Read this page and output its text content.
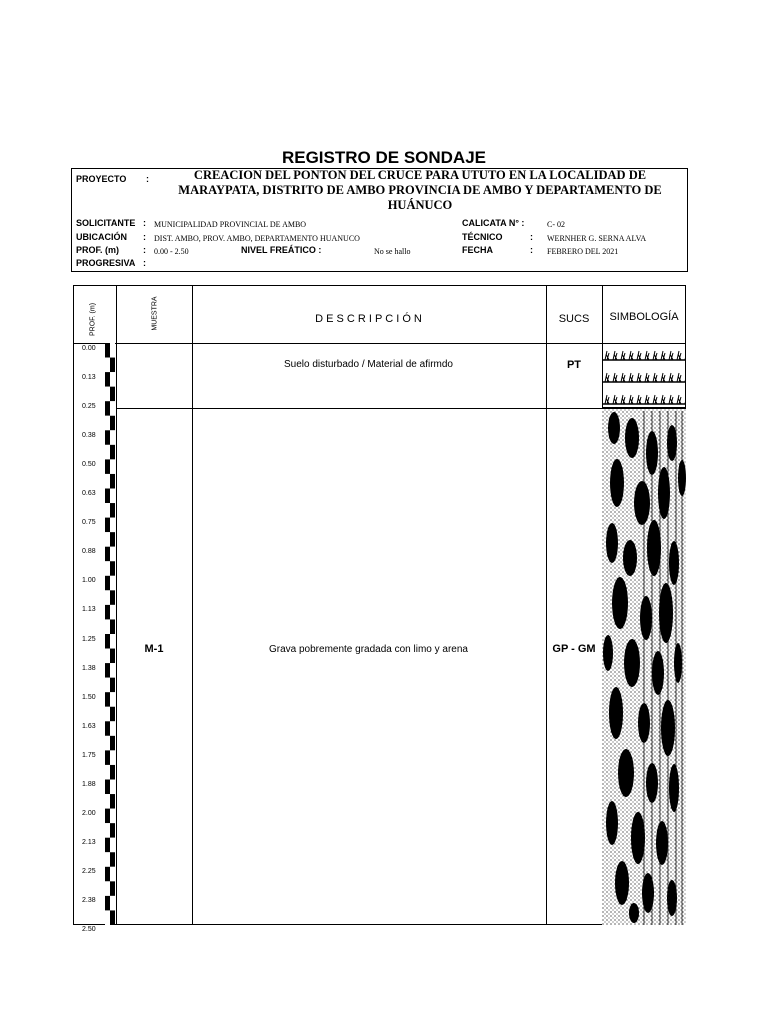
REGISTRO DE SONDAJE
PROYECTO :	CREACION DEL PONTON DEL CRUCE PARA UTUTO EN LA LOCALIDAD DE MARAYPATA, DISTRITO DE AMBO PROVINCIA DE AMBO Y DEPARTAMENTO DE HUÁNUCO
SOLICITANTE : MUNICIPALIDAD PROVINCIAL DE AMBO
UBICACIÓN : DIST. AMBO, PROV. AMBO, DEPARTAMENTO HUANUCO
PROF. (m)	: 0.00 - 2.50	NIVEL FREÁTICO :	No se hallo
PROGRESIVA :
CALICATA N° :	C- 02
TÉCNICO	: WERNHER G. SERNA ALVA
FECHA	: FEBRERO DEL 2021
PROF. (m)	MUESTRA	D E S C R I P C I Ó N	SUCS	SIMBOLOGÍA
0.00
0.13
0.25
0.38
0.50
0.63
0.75
0.88
1.00
1.13
1.25
1.38
1.50
1.63
1.75
1.88
2.00
2.13
2.25
2.38
2.50
Suelo disturbado / Material de afirmdo	PT
M-1	Grava pobremente gradada con limo y arena	GP - GM
